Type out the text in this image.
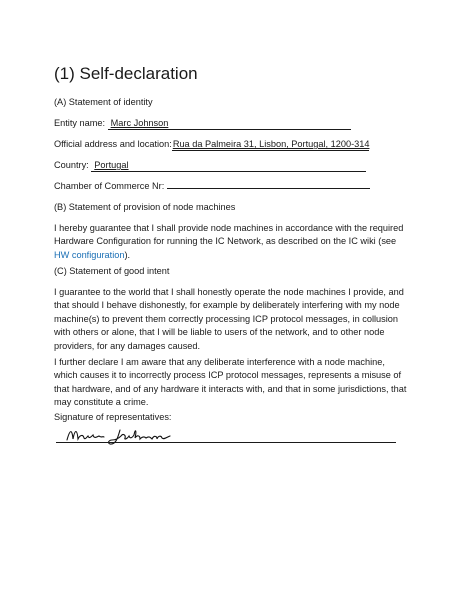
(1) Self-declaration

(A) Statement of identity

Entity name: Marc Johnson

Official address and location:Rua da Palmeira 31, Lisbon, Portugal, 1200-314

Country: Portugal

Chamber of Commerce Nr:

(B) Statement of provision of node machines

I hereby guarantee that I shall provide node machines in accordance with the required Hardware Configuration for running the IC Network, as described on the IC wiki (see HW configuration).

(C) Statement of good intent

I guarantee to the world that I shall honestly operate the node machines I provide, and that should I behave dishonestly, for example by deliberately interfering with my node machine(s) to prevent them correctly processing ICP protocol messages, in collusion with others or alone, that I will be liable to users of the network, and to other node providers, for any damages caused.

I further declare I am aware that any deliberate interference with a node machine, which causes it to incorrectly process ICP protocol messages, represents a misuse of that hardware, and of any hardware it interacts with, and that in some jurisdictions, that may constitute a crime.

Signature of representatives:
